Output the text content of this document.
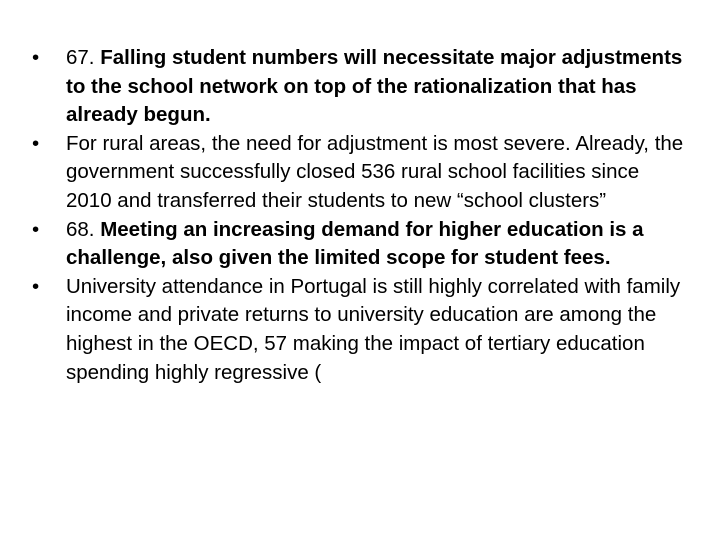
•	67. Falling student numbers will necessitate major adjustments to the school network on top of the rationalization that has already begun.
•	For rural areas, the need for adjustment is most severe. Already, the government successfully closed 536 rural school facilities since 2010 and transferred their students to new “school clusters”
•	68. Meeting an increasing demand for higher education is a challenge, also given the limited scope for student fees.
•	University attendance in Portugal is still highly correlated with family income and private returns to university education are among the highest in the OECD, 57 making the impact of tertiary education spending highly regressive (
